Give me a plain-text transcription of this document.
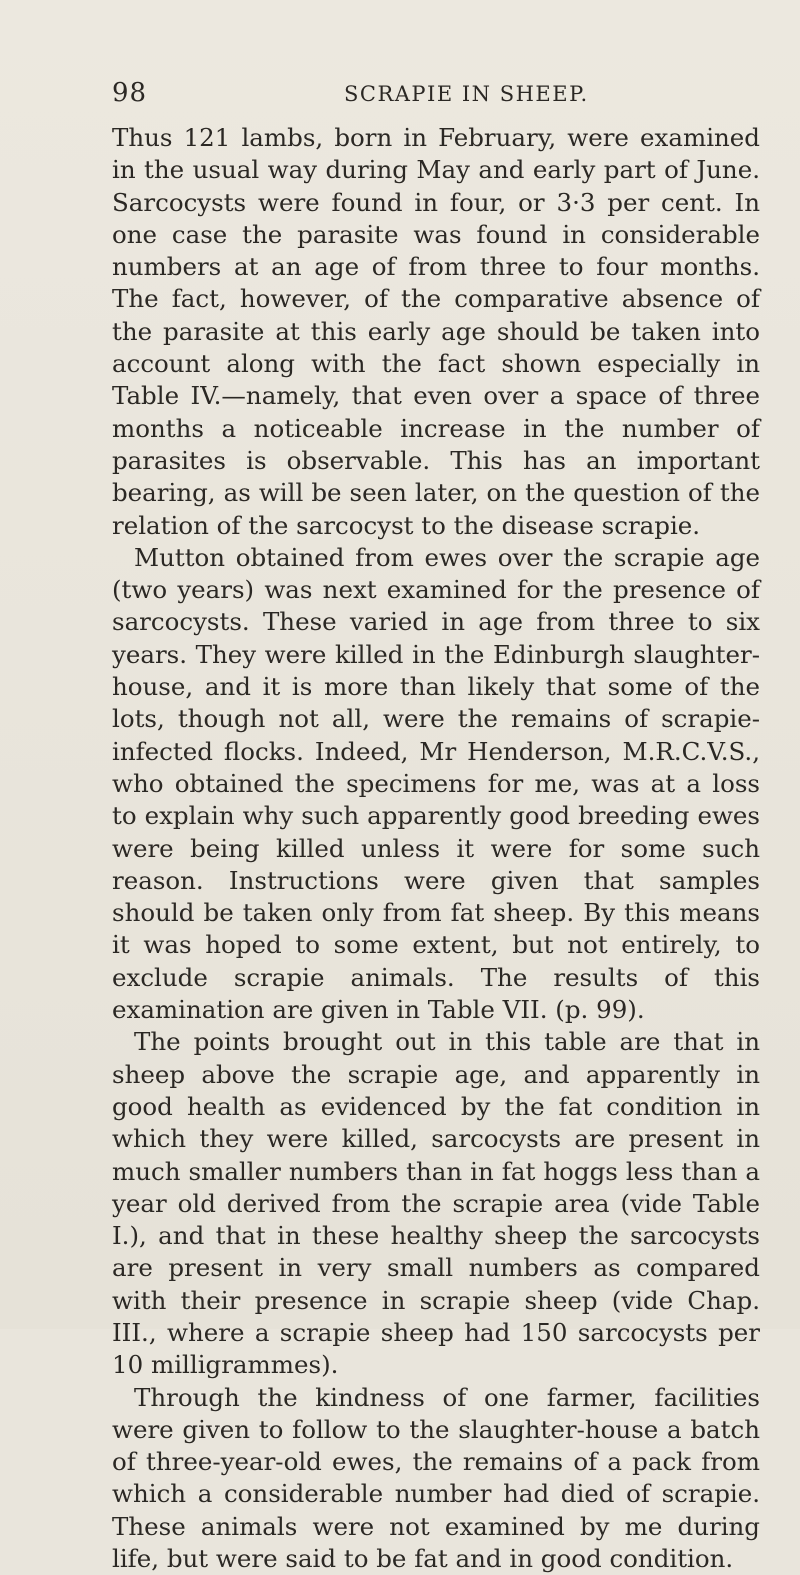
98	SCRAPIE IN SHEEP.

Thus 121 lambs, born in February, were examined in the usual way during May and early part of June. Sarcocysts were found in four, or 3·3 per cent. In one case the parasite was found in considerable numbers at an age of from three to four months. The fact, however, of the comparative absence of the parasite at this early age should be taken into account along with the fact shown especially in Table IV.—namely, that even over a space of three months a noticeable increase in the number of parasites is observable. This has an important bearing, as will be seen later, on the question of the relation of the sarcocyst to the disease scrapie.

Mutton obtained from ewes over the scrapie age (two years) was next examined for the presence of sarcocysts. These varied in age from three to six years. They were killed in the Edinburgh slaughter-house, and it is more than likely that some of the lots, though not all, were the remains of scrapie-infected flocks. Indeed, Mr Henderson, M.R.C.V.S., who obtained the specimens for me, was at a loss to explain why such apparently good breeding ewes were being killed unless it were for some such reason. Instructions were given that samples should be taken only from fat sheep. By this means it was hoped to some extent, but not entirely, to exclude scrapie animals. The results of this examination are given in Table VII. (p. 99).

The points brought out in this table are that in sheep above the scrapie age, and apparently in good health as evidenced by the fat condition in which they were killed, sarcocysts are present in much smaller numbers than in fat hoggs less than a year old derived from the scrapie area (vide Table I.), and that in these healthy sheep the sarcocysts are present in very small numbers as compared with their presence in scrapie sheep (vide Chap. III., where a scrapie sheep had 150 sarcocysts per 10 milligrammes).

Through the kindness of one farmer, facilities were given to follow to the slaughter-house a batch of three-year-old ewes, the remains of a pack from which a considerable number had died of scrapie. These animals were not examined by me during life, but were said to be fat and in good condition.
